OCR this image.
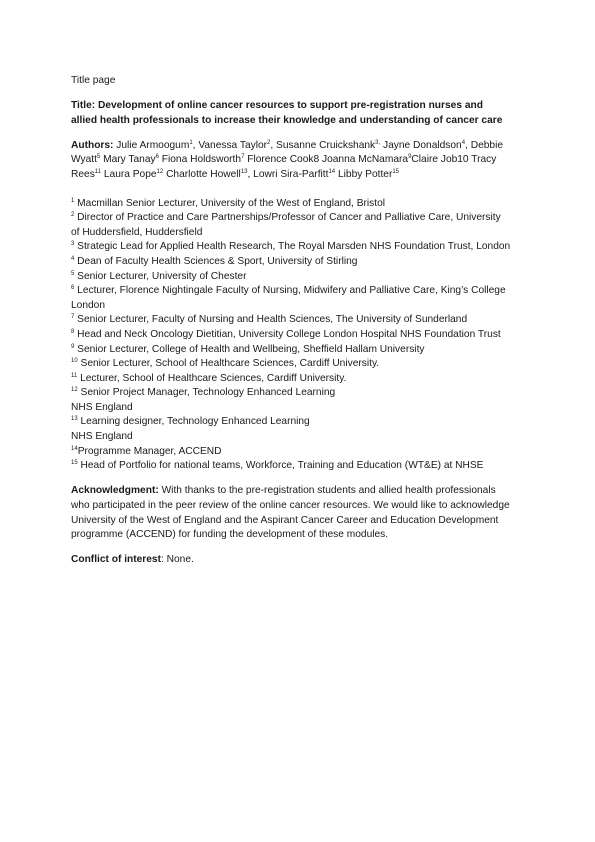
Title page

Title: Development of online cancer resources to support pre-registration nurses and allied health professionals to increase their knowledge and understanding of cancer care

Authors: Julie Armoogum$^1$, Vanessa Taylor$^2$, Susanne Cruickshank$^{3,}$ Jayne Donaldson$^4$, Debbie Wyatt$^5$ Mary Tanay$^6$ Fiona Holdsworth$^7$ Florence Cook8 Joanna McNamara$^9$Claire Job10 Tracy Rees$^{11}$ Laura Pope$^{12}$ Charlotte Howell$^{13}$, Lowri Sira-Parfitt$^{14}$ Libby Potter$^{15}$

$^1$ Macmillan Senior Lecturer, University of the West of England, Bristol

$^2$ Director of Practice and Care Partnerships/Professor of Cancer and Palliative Care, University of Huddersfield, Huddersfield

$^3$ Strategic Lead for Applied Health Research, The Royal Marsden NHS Foundation Trust, London

$^4$ Dean of Faculty Health Sciences & Sport, University of Stirling

$^5$ Senior Lecturer, University of Chester

$^6$ Lecturer, Florence Nightingale Faculty of Nursing, Midwifery and Palliative Care, King’s College London

$^7$ Senior Lecturer, Faculty of Nursing and Health Sciences, The University of Sunderland

$^8$ Head and Neck Oncology Dietitian, University College London Hospital NHS Foundation Trust

$^9$ Senior Lecturer, College of Health and Wellbeing, Sheffield Hallam University

$^{10}$ Senior Lecturer, School of Healthcare Sciences, Cardiff University.

$^{11}$ Lecturer, School of Healthcare Sciences, Cardiff University.

$^{12}$ Senior Project Manager, Technology Enhanced Learning

NHS England

$^{13}$ Learning designer, Technology Enhanced Learning

NHS England

$^{14}$Programme Manager, ACCEND

$^{15}$ Head of Portfolio for national teams, Workforce, Training and Education (WT&E) at NHSE

Acknowledgment: With thanks to the pre-registration students and allied health professionals who participated in the peer review of the online cancer resources. We would like to acknowledge University of the West of England and the Aspirant Cancer Career and Education Development programme (ACCEND) for funding the development of these modules.

Conflict of interest: None.
